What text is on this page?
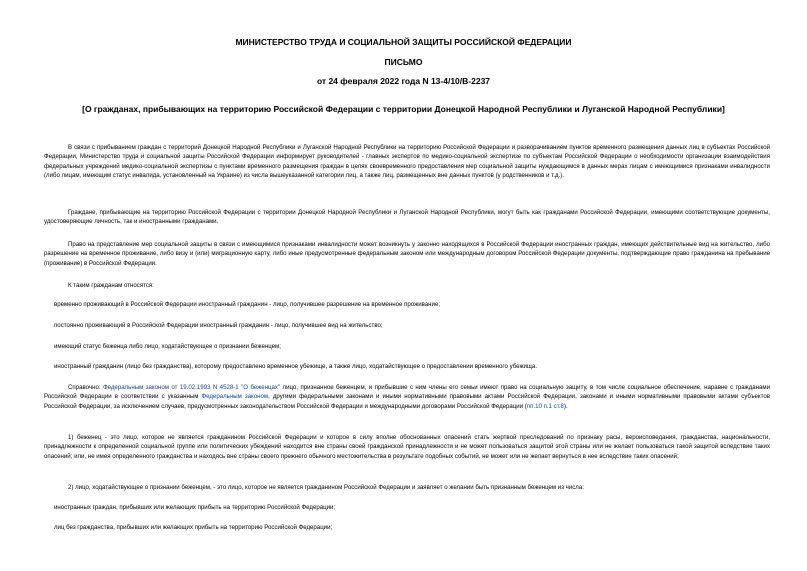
МИНИСТЕРСТВО ТРУДА И СОЦИАЛЬНОЙ ЗАЩИТЫ РОССИЙСКОЙ ФЕДЕРАЦИИ
ПИСЬМО
от 24 февраля 2022 года N 13-4/10/В-2237
[О гражданах, прибывающих на территорию Российской Федерации с территории Донецкой Народной Республики и Луганской Народной Республики]

В связи с прибыванием граждан с территорий Донецкой Народной Республики и Луганской Народной Республики на территорию Российской Федерации и разворачиванием пунктов временного размещения данных лиц в субъектах Российской Федерации, Министерство труда и социальной защиты Российской Федерации информирует руководителей - главных экспертов по медико-социальной экспертизе по субъектам Российской Федерации о необходимости организации взаимодействия федеральных учреждений медико-социальной экспертизы с пунктами временного размещения граждан в целях своевременного предоставления мер социальной защиты нуждающимся в данных мерах лицам с имеющимися признаками инвалидности (либо лицам, имеющим статус инвалида, установленный на Украине) из числа вышеуказанной категории лиц, а также лиц, размещенных вне данных пунктов (у родственников и т.д.).

Граждане, прибывающие на территорию Российской Федерации с территории Донецкой Народной Республики и Луганской Народной Республики, могут быть как гражданами Российской Федерации, имеющими соответствующие документы, удостоверяющие личность, так и иностранными гражданами.

Право на представление мер социальной защиты в связи с имеющимися признаками инвалидности может возникнуть у законно находящихся в Российской Федерации иностранных граждан, имеющих действительные вид на жительство, либо разрешение на временное проживание, либо визу и (или) миграционную карту, либо иные предусмотренные федеральным законом или международным договором Российской Федерации документы, подтверждающие право гражданина на пребывание (проживание) в Российской Федерации.

К таким гражданам относятся:

временно проживающий в Российской Федерации иностранный гражданин - лицо, получившее разрешение на временное проживание;

постоянно проживающий в Российской Федерации иностранный гражданин - лицо, получившее вид на жительство;

имеющий статус беженца либо лицо, ходатайствующее о признании беженцем;

иностранный гражданин (лицо без гражданства), которому предоставлено временное убежище, а также лицо, ходатайствующее о предоставлении временного убежища.

Справочно: Федеральным законом от 19.02.1993 N 4528-1 "О беженцах" лицо, признанное беженцем, и прибывшие с ним члены его семьи имеют право на социальную защиту, в том числе социальное обеспечение, наравне с гражданами Российской Федерации в соответствии с указанным Федеральным законом, другими федеральными законами и иными нормативными правовыми актами Российской Федерации, законами и иными нормативными правовыми актами субъектов Российской Федерации, за исключением случаев, предусмотренных законодательством Российской Федерации и международными договорами Российской Федерации (пп.10 п.1 ст.8).

1) беженец - это лицо, которое не является гражданином Российской Федерации и которое в силу вполне обоснованных опасений стать жертвой преследований по признаку расы, вероисповедания, гражданства, национальности, принадлежности к определенной социальной группе или политических убеждений находится вне страны своей гражданской принадлежности и не может пользоваться защитой этой страны или не желает пользоваться такой защитой вследствие таких опасений; или, не имея определенного гражданства и находясь вне страны своего прежнего обычного местожительства в результате подобных событий, не может или не желает вернуться в нее вследствие таких опасений;

2) лицо, ходатайствующее о признании беженцем, - это лицо, которое не является гражданином Российской Федерации и заявляет о желании быть признанным беженцем из числа:

иностранных граждан, прибывших или желающих прибыть на территорию Российской Федерации;

лиц без гражданства, прибывших или желающих прибыть на территорию Российской Федерации;
